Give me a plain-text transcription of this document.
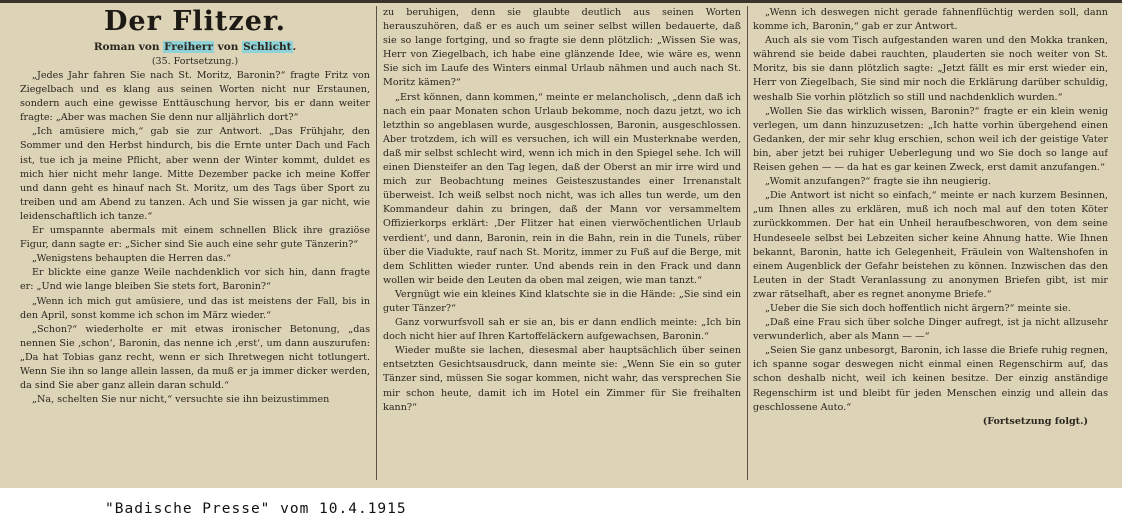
Der Flitzer.

Roman von Freiherr von Schlicht.

(35. Fortsetzung.)

„Jedes Jahr fahren Sie nach St. Moritz, Baronin?“ fragte Fritz von Ziegelbach und es klang aus seinen Worten nicht nur Erstaunen, sondern auch eine gewisse Enttäuschung hervor, bis er dann weiter fragte: „Aber was machen Sie denn nur alljährlich dort?“

„Ich amüsiere mich,“ gab sie zur Antwort. „Das Frühjahr, den Sommer und den Herbst hindurch, bis die Ernte unter Dach und Fach ist, tue ich ja meine Pflicht, aber wenn der Winter kommt, duldet es mich hier nicht mehr lange. Mitte Dezember packe ich meine Koffer und dann geht es hinauf nach St. Moritz, um des Tags über Sport zu treiben und am Abend zu tanzen. Ach und Sie wissen ja gar nicht, wie leidenschaftlich ich tanze.“

Er umspannte abermals mit einem schnellen Blick ihre graziöse Figur, dann sagte er: „Sicher sind Sie auch eine sehr gute Tänzerin?“

„Wenigstens behaupten die Herren das.“

Er blickte eine ganze Weile nachdenklich vor sich hin, dann fragte er: „Und wie lange bleiben Sie stets fort, Baronin?“

„Wenn ich mich gut amüsiere, und das ist meistens der Fall, bis in den April, sonst komme ich schon im März wieder.“

„Schon?“ wiederholte er mit etwas ironischer Betonung, „das nennen Sie ‚schon‘, Baronin, das nenne ich ‚erst‘, um dann auszurufen: „Da hat Tobias ganz recht, wenn er sich Ihretwegen nicht totlungert. Wenn Sie ihn so lange allein lassen, da muß er ja immer dicker werden, da sind Sie aber ganz allein daran schuld.“

„Na, schelten Sie nur nicht,“ versuchte sie ihn beizustimmen

zu beruhigen, denn sie glaubte deutlich aus seinen Worten herauszuhören, daß er es auch um seiner selbst willen bedauerte, daß sie so lange fortging, und so fragte sie denn plötzlich: „Wissen Sie was, Herr von Ziegelbach, ich habe eine glänzende Idee, wie wäre es, wenn Sie sich im Laufe des Winters einmal Urlaub nähmen und auch nach St. Moritz kämen?“

„Erst können, dann kommen,“ meinte er melancholisch, „denn daß ich nach ein paar Monaten schon Urlaub bekomme, noch dazu jetzt, wo ich letzthin so angeblasen wurde, ausgeschlossen, Baronin, ausgeschlossen. Aber trotzdem, ich will es versuchen, ich will ein Musterknabe werden, daß mir selbst schlecht wird, wenn ich mich in den Spiegel sehe. Ich will einen Diensteifer an den Tag legen, daß der Oberst an mir irre wird und mich zur Beobachtung meines Geisteszustandes einer Irrenanstalt überweist. Ich weiß selbst noch nicht, was ich alles tun werde, um den Kommandeur dahin zu bringen, daß der Mann vor versammeltem Offizierkorps erklärt: ‚Der Flitzer hat einen vierwöchentlichen Urlaub verdient‘, und dann, Baronin, rein in die Bahn, rein in die Tunels, rüber über die Viadukte, rauf nach St. Moritz, immer zu Fuß auf die Berge, mit dem Schlitten wieder runter. Und abends rein in den Frack und dann wollen wir beide den Leuten da oben mal zeigen, wie man tanzt.“

Vergnügt wie ein kleines Kind klatschte sie in die Hände: „Sie sind ein guter Tänzer?“

Ganz vorwurfsvoll sah er sie an, bis er dann endlich meinte: „Ich bin doch nicht hier auf Ihren Kartoffeläckern aufgewachsen, Baronin.“

Wieder mußte sie lachen, diesesmal aber hauptsächlich über seinen entsetzten Gesichtsausdruck, dann meinte sie: „Wenn Sie ein so guter Tänzer sind, müssen Sie sogar kommen, nicht wahr, das versprechen Sie mir schon heute, damit ich im Hotel ein Zimmer für Sie freihalten kann?“

„Wenn ich deswegen nicht gerade fahnenflüchtig werden soll, dann komme ich, Baronin,“ gab er zur Antwort.

Auch als sie vom Tisch aufgestanden waren und den Mokka tranken, während sie beide dabei rauchten, plauderten sie noch weiter von St. Moritz, bis sie dann plötzlich sagte: „Jetzt fällt es mir erst wieder ein, Herr von Ziegelbach, Sie sind mir noch die Erklärung darüber schuldig, weshalb Sie vorhin plötzlich so still und nachdenklich wurden.“

„Wollen Sie das wirklich wissen, Baronin?“ fragte er ein klein wenig verlegen, um dann hinzuzusetzen: „Ich hatte vorhin übergehend einen Gedanken, der mir sehr klug erschien, schon weil ich der geistige Vater bin, aber jetzt bei ruhiger Ueberlegung und wo Sie doch so lange auf Reisen gehen — — da hat es gar keinen Zweck, erst damit anzufangen.“

„Womit anzufangen?“ fragte sie ihn neugierig.

„Die Antwort ist nicht so einfach,“ meinte er nach kurzem Besinnen, „um Ihnen alles zu erklären, muß ich noch mal auf den toten Köter zurückkommen. Der hat ein Unheil heraufbeschworen, von dem seine Hundeseele selbst bei Lebzeiten sicher keine Ahnung hatte. Wie Ihnen bekannt, Baronin, hatte ich Gelegenheit, Fräulein von Waltenshofen in einem Augenblick der Gefahr beistehen zu können. Inzwischen das den Leuten in der Stadt Veranlassung zu anonymen Briefen gibt, ist mir zwar rätselhaft, aber es regnet anonyme Briefe.“

„Ueber die Sie sich doch hoffentlich nicht ärgern?“ meinte sie.

„Daß eine Frau sich über solche Dinger aufregt, ist ja nicht allzusehr verwunderlich, aber als Mann — —“

„Seien Sie ganz unbesorgt, Baronin, ich lasse die Briefe ruhig regnen, ich spanne sogar deswegen nicht einmal einen Regenschirm auf, das schon deshalb nicht, weil ich keinen besitze. Der einzig anständige Regenschirm ist und bleibt für jeden Menschen einzig und allein das geschlossene Auto.“

(Fortsetzung folgt.)

"Badische Presse" vom 10.4.1915
